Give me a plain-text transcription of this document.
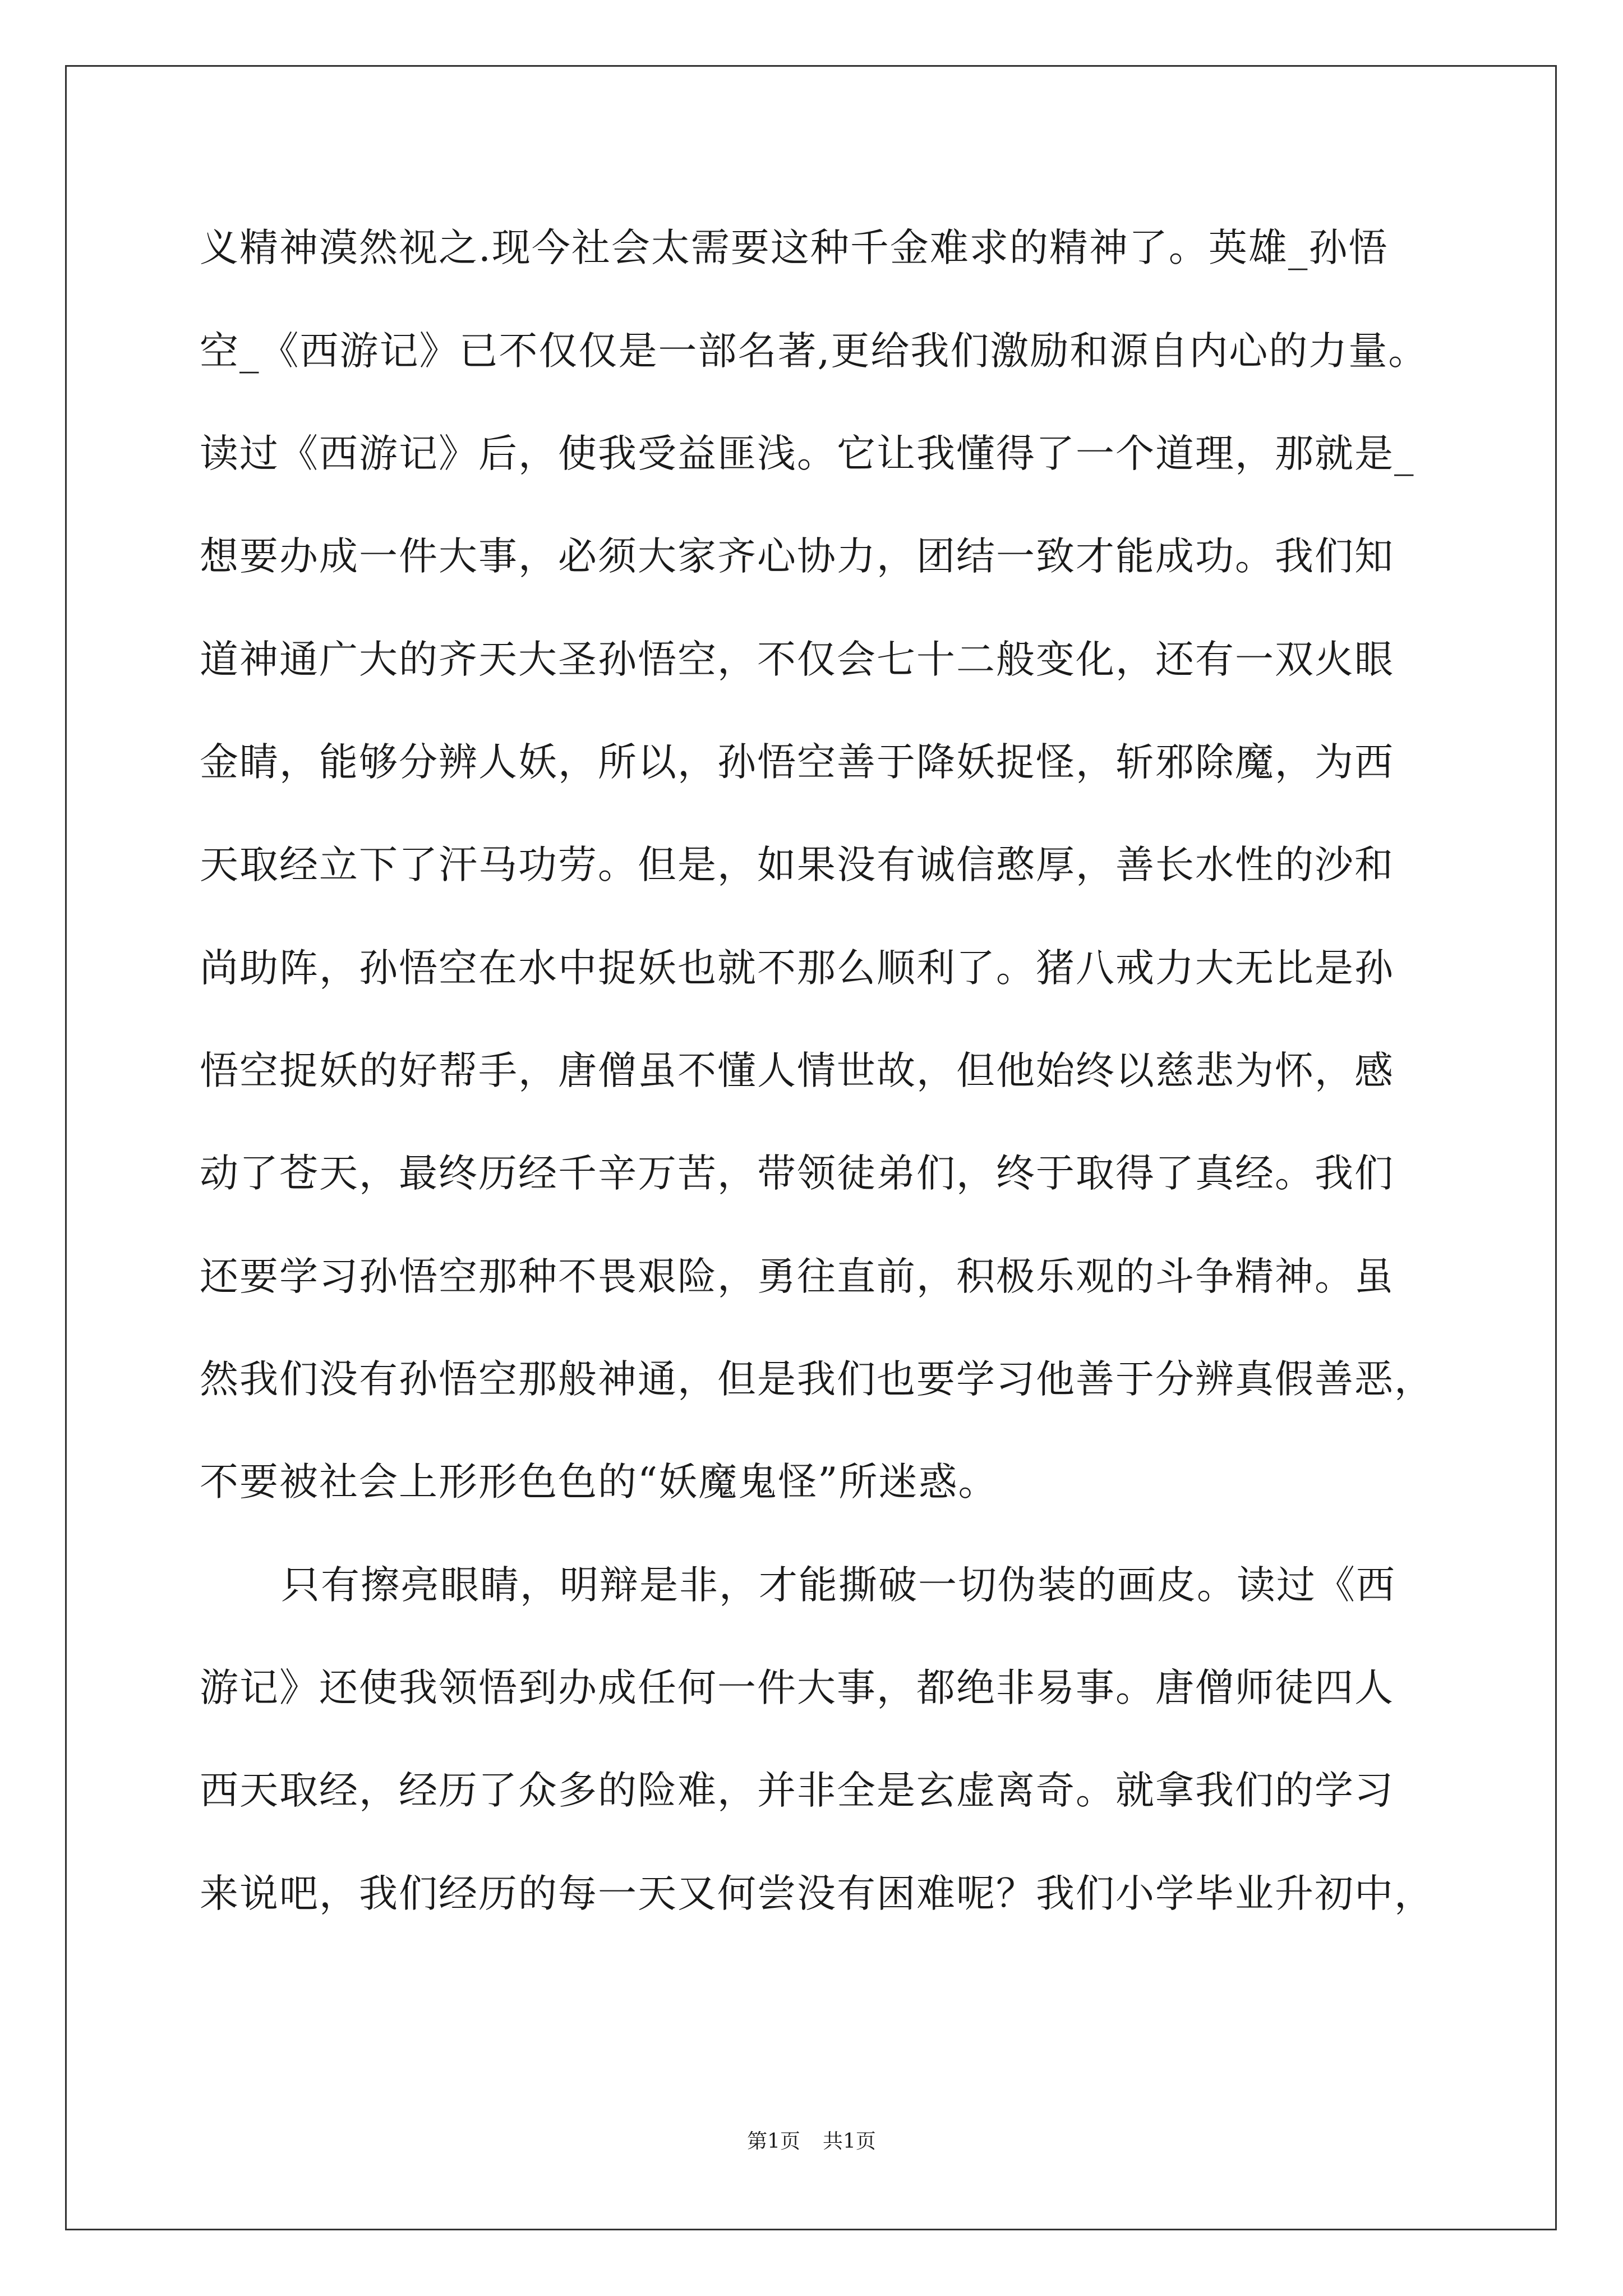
义精神漠然视之.现今社会太需要这种千金难求的精神了。英雄_孙悟
空_《西游记》已不仅仅是一部名著,更给我们激励和源自内心的力量。
读过《西游记》后，使我受益匪浅。它让我懂得了一个道理，那就是_
想要办成一件大事，必须大家齐心协力，团结一致才能成功。我们知
道神通广大的齐天大圣孙悟空，不仅会七十二般变化，还有一双火眼
金睛，能够分辨人妖，所以，孙悟空善于降妖捉怪，斩邪除魔，为西
天取经立下了汗马功劳。但是，如果没有诚信憨厚，善长水性的沙和
尚助阵，孙悟空在水中捉妖也就不那么顺利了。猪八戒力大无比是孙
悟空捉妖的好帮手，唐僧虽不懂人情世故，但他始终以慈悲为怀，感
动了苍天，最终历经千辛万苦，带领徒弟们，终于取得了真经。我们
还要学习孙悟空那种不畏艰险，勇往直前，积极乐观的斗争精神。虽
然我们没有孙悟空那般神通，但是我们也要学习他善于分辨真假善恶，
不要被社会上形形色色的“妖魔鬼怪”所迷惑。
只有擦亮眼睛，明辩是非，才能撕破一切伪装的画皮。读过《西
游记》还使我领悟到办成任何一件大事，都绝非易事。唐僧师徒四人
西天取经，经历了众多的险难，并非全是玄虚离奇。就拿我们的学习
来说吧，我们经历的每一天又何尝没有困难呢？我们小学毕业升初中，
第1页 共1页
